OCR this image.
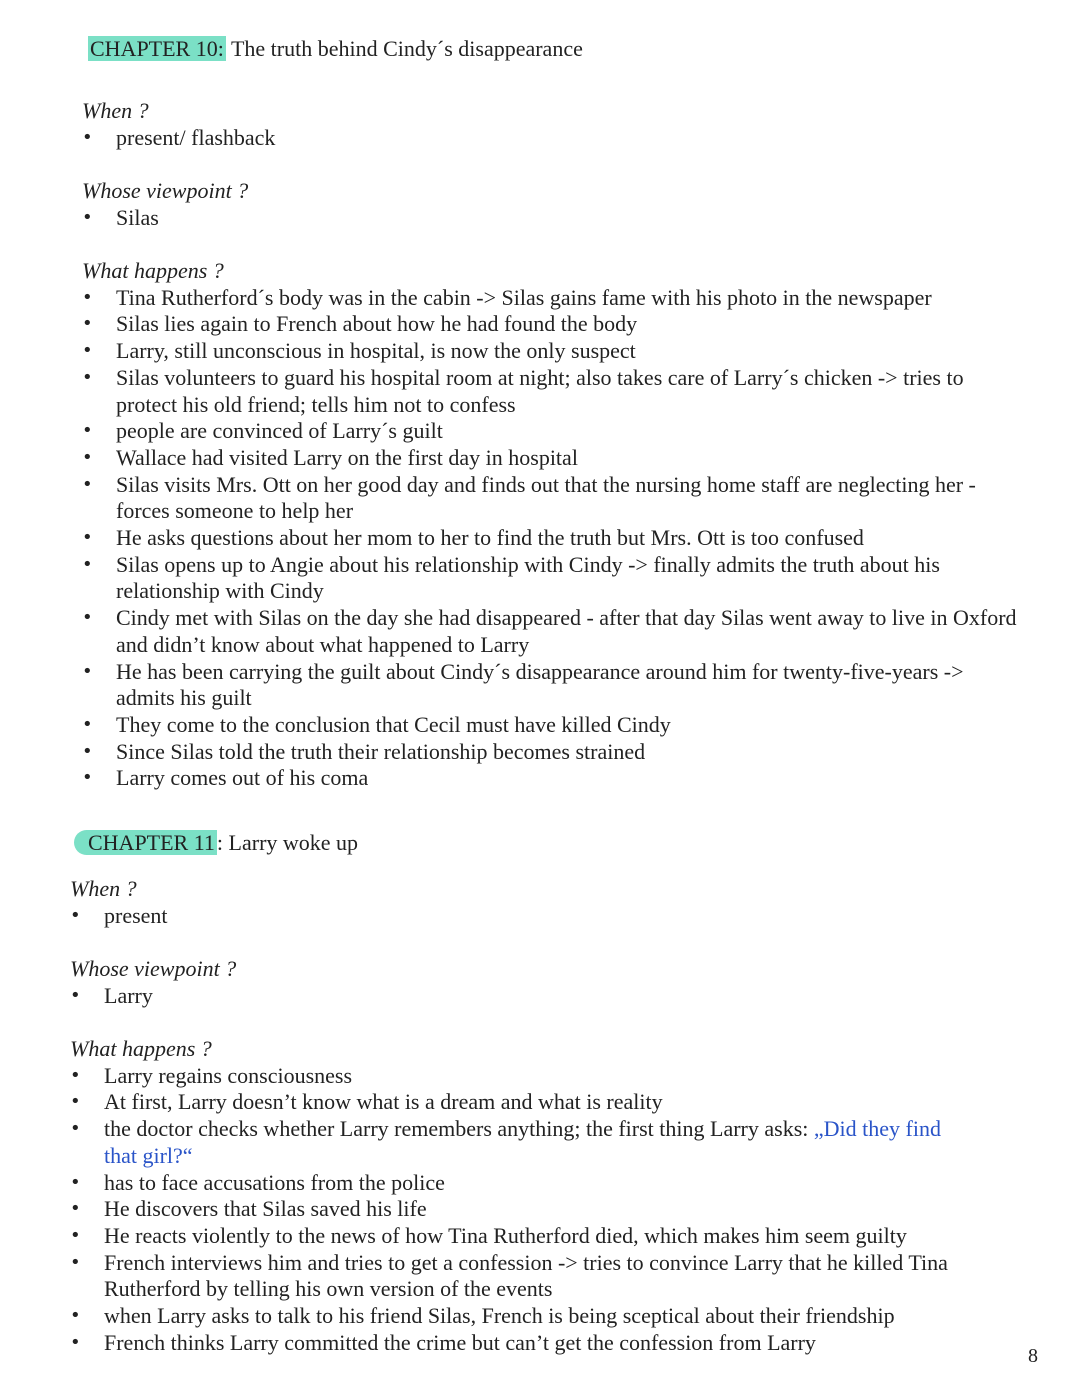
CHAPTER 10: The truth behind Cindy´s disappearance
When ?
• present/ flashback
Whose viewpoint ?
• Silas
What happens ?
• Tina Rutherford´s body was in the cabin -> Silas gains fame with his photo in the newspaper
• Silas lies again to French about how he had found the body
• Larry, still unconscious in hospital, is now the only suspect
• Silas volunteers to guard his hospital room at night; also takes care of Larry´s chicken -> tries to protect his old friend; tells him not to confess
• people are convinced of Larry´s guilt
• Wallace had visited Larry on the first day in hospital
• Silas visits Mrs. Ott on her good day and finds out that the nursing home staff are neglecting her - forces someone to help her
• He asks questions about her mom to her to find the truth but Mrs. Ott is too confused
• Silas opens up to Angie about his relationship with Cindy -> finally admits the truth about his relationship with Cindy
• Cindy met with Silas on the day she had disappeared - after that day Silas went away to live in Oxford and didn’t know about what happened to Larry
• He has been carrying the guilt about Cindy´s disappearance around him for twenty-five-years -> admits his guilt
• They come to the conclusion that Cecil must have killed Cindy
• Since Silas told the truth their relationship becomes strained
• Larry comes out of his coma
CHAPTER 11: Larry woke up
When ?
• present
Whose viewpoint ?
• Larry
What happens ?
• Larry regains consciousness
• At first, Larry doesn’t know what is a dream and what is reality
• the doctor checks whether Larry remembers anything; the first thing Larry asks: „Did they find that girl?“
• has to face accusations from the police
• He discovers that Silas saved his life
• He reacts violently to the news of how Tina Rutherford died, which makes him seem guilty
• French interviews him and tries to get a confession -> tries to convince Larry that he killed Tina Rutherford by telling his own version of the events
• when Larry asks to talk to his friend Silas, French is being sceptical about their friendship
• French thinks Larry committed the crime but can’t get the confession from Larry
8
